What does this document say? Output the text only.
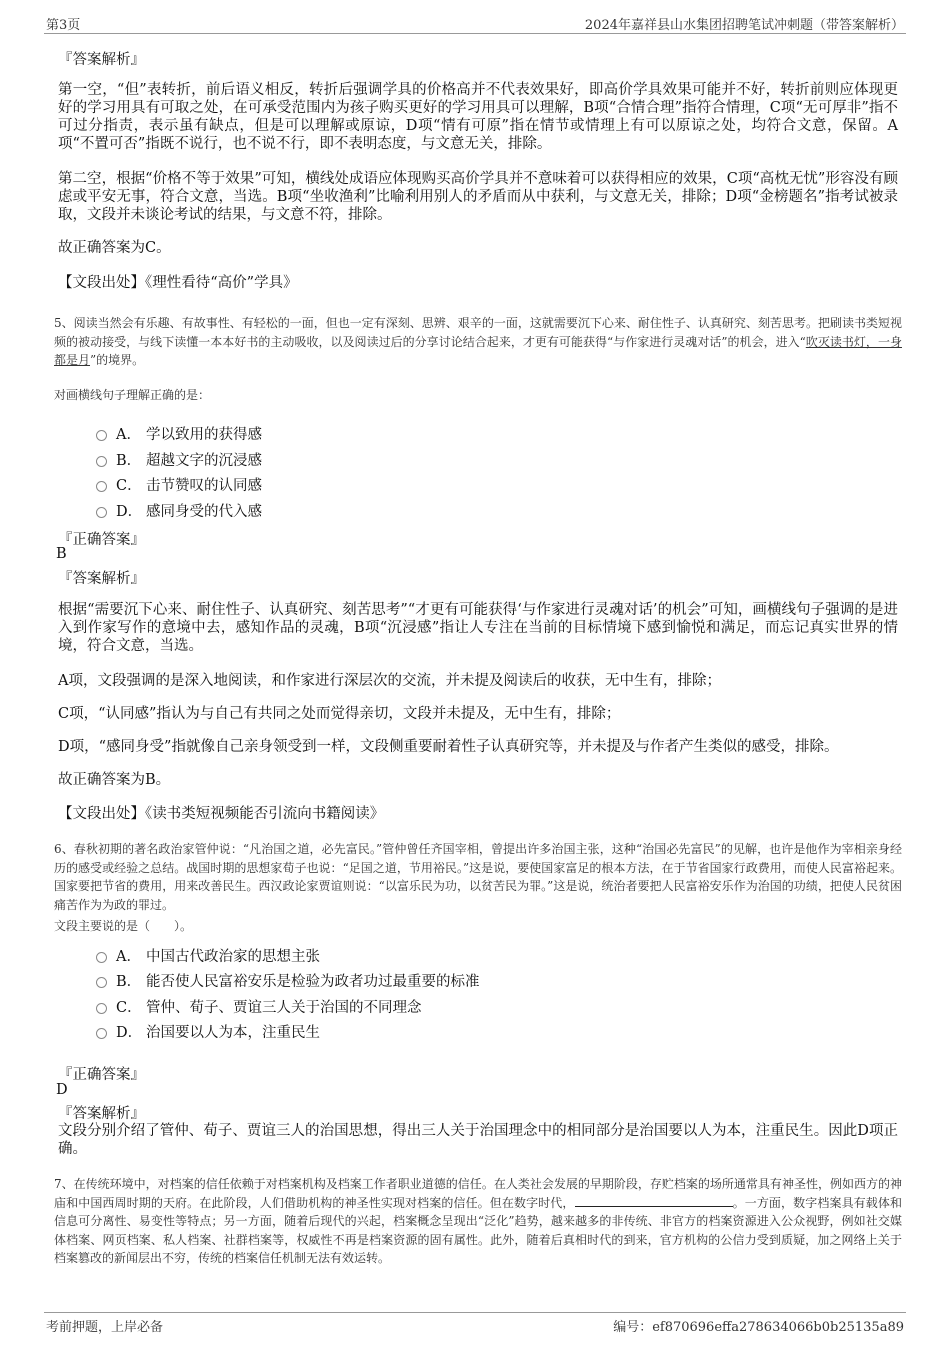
第3页	2024年嘉祥县山水集团招聘笔试冲刺题（带答案解析）
『答案解析』
第一空，“但”表转折，前后语义相反，转折后强调学具的价格高并不代表效果好，即高价学具效果可能并不好，转折前则应体现更好的学习用具有可取之处，在可承受范围内为孩子购买更好的学习用具可以理解，B项“合情合理”指符合情理，C项“无可厚非”指不可过分指责，表示虽有缺点，但是可以理解或原谅，D项“情有可原”指在情节或情理上有可以原谅之处，均符合文意，保留。A项“不置可否”指既不说行，也不说不行，即不表明态度，与文意无关，排除。
第二空，根据“价格不等于效果”可知，横线处成语应体现购买高价学具并不意味着可以获得相应的效果，C项“高枕无忧”形容没有顾虑或平安无事，符合文意，当选。B项“坐收渔利”比喻利用别人的矛盾而从中获利，与文意无关，排除；D项“金榜题名”指考试被录取，文段并未谈论考试的结果，与文意不符，排除。
故正确答案为C。
【文段出处】《理性看待“高价”学具》
5、阅读当然会有乐趣、有故事性、有轻松的一面，但也一定有深刻、思辨、艰辛的一面，这就需要沉下心来、耐住性子、认真研究、刻苦思考。把刷读书类短视频的被动接受，与线下读懂一本本好书的主动吸收，以及阅读过后的分享讨论结合起来，才更有可能获得“与作家进行灵魂对话”的机会，进入“吹灭读书灯，一身都是月”的境界。
对画横线句子理解正确的是：
A． 学以致用的获得感
B． 超越文字的沉浸感
C． 击节赞叹的认同感
D． 感同身受的代入感
『正确答案』
B
『答案解析』
根据“需要沉下心来、耐住性子、认真研究、刻苦思考”“才更有可能获得‘与作家进行灵魂对话’的机会”可知，画横线句子强调的是进入到作家写作的意境中去，感知作品的灵魂，B项“沉浸感”指让人专注在当前的目标情境下感到愉悦和满足，而忘记真实世界的情境，符合文意，当选。
A项，文段强调的是深入地阅读，和作家进行深层次的交流，并未提及阅读后的收获，无中生有，排除；
C项，“认同感”指认为与自己有共同之处而觉得亲切，文段并未提及，无中生有，排除；
D项，“感同身受”指就像自己亲身领受到一样，文段侧重要耐着性子认真研究等，并未提及与作者产生类似的感受，排除。
故正确答案为B。
【文段出处】《读书类短视频能否引流向书籍阅读》
6、春秋初期的著名政治家管仲说：“凡治国之道，必先富民。”管仲曾任齐国宰相，曾提出许多治国主张，这种“治国必先富民”的见解，也许是他作为宰相亲身经历的感受或经验之总结。战国时期的思想家荀子也说：“足国之道，节用裕民。”这是说，要使国家富足的根本方法，在于节省国家行政费用，而使人民富裕起来。国家要把节省的费用，用来改善民生。西汉政论家贾谊则说：“以富乐民为功，以贫苦民为罪。”这是说，统治者要把人民富裕安乐作为治国的功绩，把使人民贫困痛苦作为为政的罪过。
文段主要说的是（　　）。
A． 中国古代政治家的思想主张
B． 能否使人民富裕安乐是检验为政者功过最重要的标准
C． 管仲、荀子、贾谊三人关于治国的不同理念
D． 治国要以人为本，注重民生
『正确答案』
D
『答案解析』
文段分别介绍了管仲、荀子、贾谊三人的治国思想，得出三人关于治国理念中的相同部分是治国要以人为本，注重民生。因此D项正确。
7、在传统环境中，对档案的信任依赖于对档案机构及档案工作者职业道德的信任。在人类社会发展的早期阶段，存贮档案的场所通常具有神圣性，例如西方的神庙和中国西周时期的天府。在此阶段，人们借助机构的神圣性实现对档案的信任。但在数字时代，	。一方面，数字档案具有载体和信息可分离性、易变性等特点；另一方面，随着后现代的兴起，档案概念呈现出“泛化”趋势，越来越多的非传统、非官方的档案资源进入公众视野，例如社交媒体档案、网页档案、私人档案、社群档案等，权威性不再是档案资源的固有属性。此外，随着后真相时代的到来，官方机构的公信力受到质疑，加之网络上关于档案篡改的新闻层出不穷，传统的档案信任机制无法有效运转。
考前押题，上岸必备	编号：ef870696effa278634066b0b25135a89
